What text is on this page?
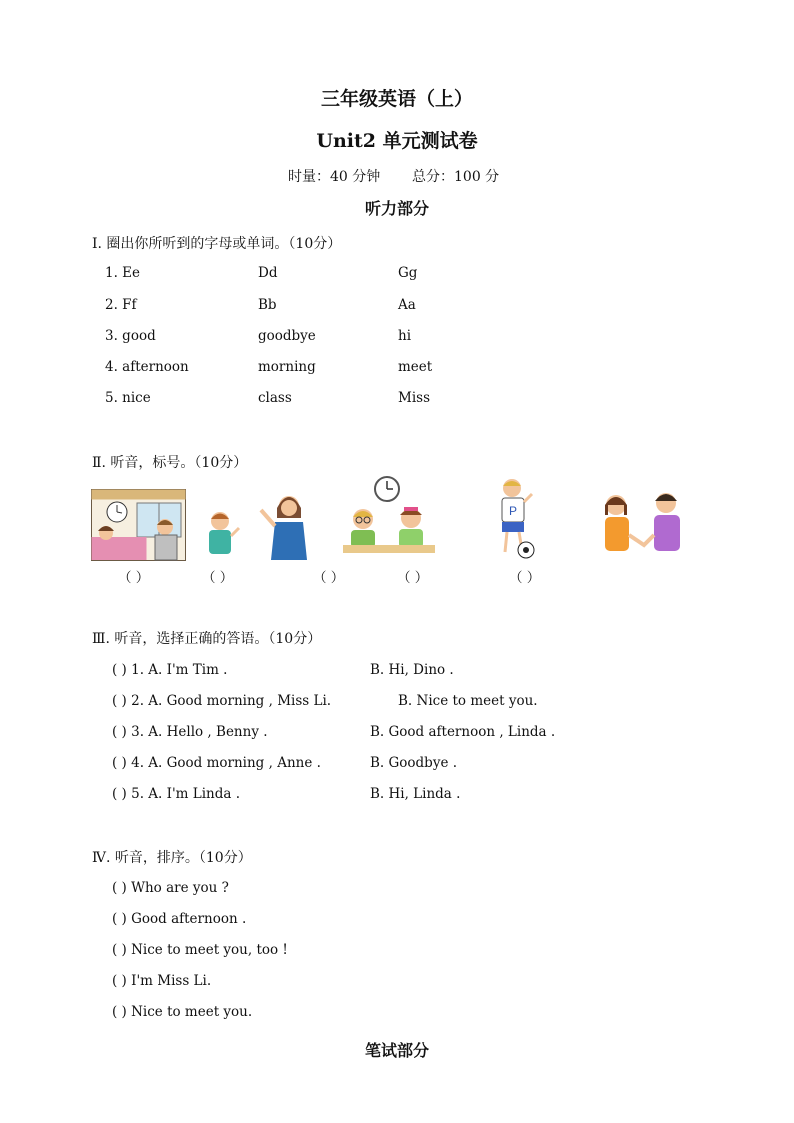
三年级英语（上）
Unit2 单元测试卷
时量：40 分钟 总分：100 分
听力部分
Ⅰ. 圈出你所听到的字母或单词。（10分）
1. Ee	Dd	Gg
2. Ff	Bb	Aa
3. good	goodbye	hi
4. afternoon	morning	meet
5. nice	class	Miss
Ⅱ. 听音，标号。（10分）
P
（ ）	（ ）	（ ）	（ ）	（ ）
Ⅲ. 听音，选择正确的答语。（10分）
( ) 1. A. I'm Tim .	B. Hi, Dino .
( ) 2. A. Good morning , Miss Li.	B. Nice to meet you.
( ) 3. A. Hello , Benny .	B. Good afternoon , Linda .
( ) 4. A. Good morning , Anne .	B. Goodbye .
( ) 5. A. I'm Linda .	B. Hi, Linda .
Ⅳ. 听音，排序。（10分）
( ) Who are you ?
( ) Good afternoon .
( ) Nice to meet you, too !
( ) I'm Miss Li.
( ) Nice to meet you.
笔试部分
